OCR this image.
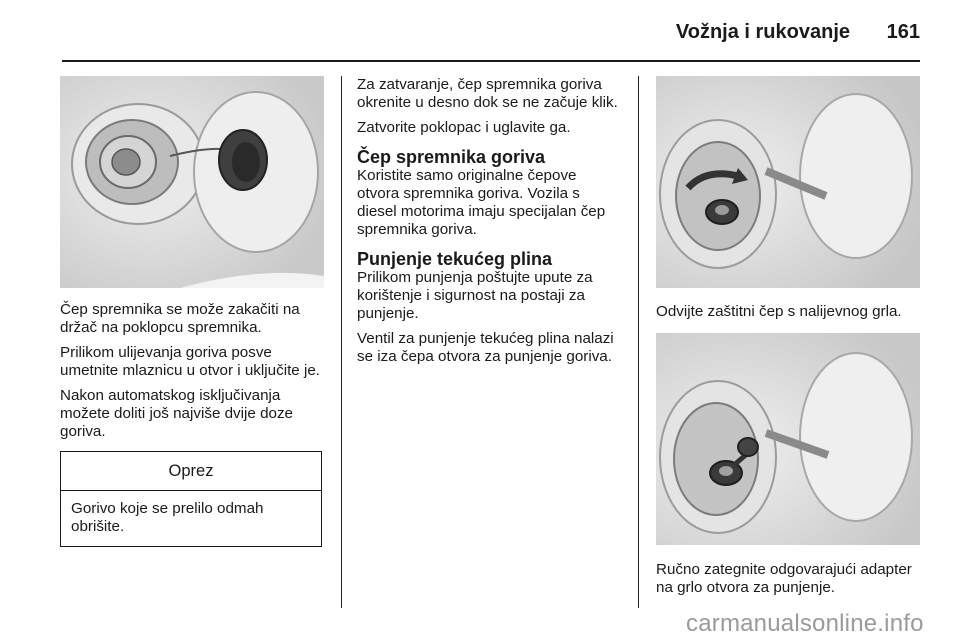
Vožnja i rukovanje	161

Čep spremnika se može zakačiti na držač na poklopcu spremnika.

Prilikom ulijevanja goriva posve umetnite mlaznicu u otvor i uključite je.

Nakon automatskog isključivanja možete doliti još najviše dvije doze goriva.

Oprez
Gorivo koje se prelilo odmah obrišite.

Za zatvaranje, čep spremnika goriva okrenite u desno dok se ne začuje klik.

Zatvorite poklopac i uglavite ga.

Čep spremnika goriva

Koristite samo originalne čepove otvora spremnika goriva. Vozila s diesel motorima imaju specijalan čep spremnika goriva.

Punjenje tekućeg plina

Prilikom punjenja poštujte upute za korištenje i sigurnost na postaji za punjenje.

Ventil za punjenje tekućeg plina nalazi se iza čepa otvora za punjenje goriva.

Odvijte zaštitni čep s nalijevnog grla.

Ručno zategnite odgovarajući adapter na grlo otvora za punjenje.

carmanualsonline.info
